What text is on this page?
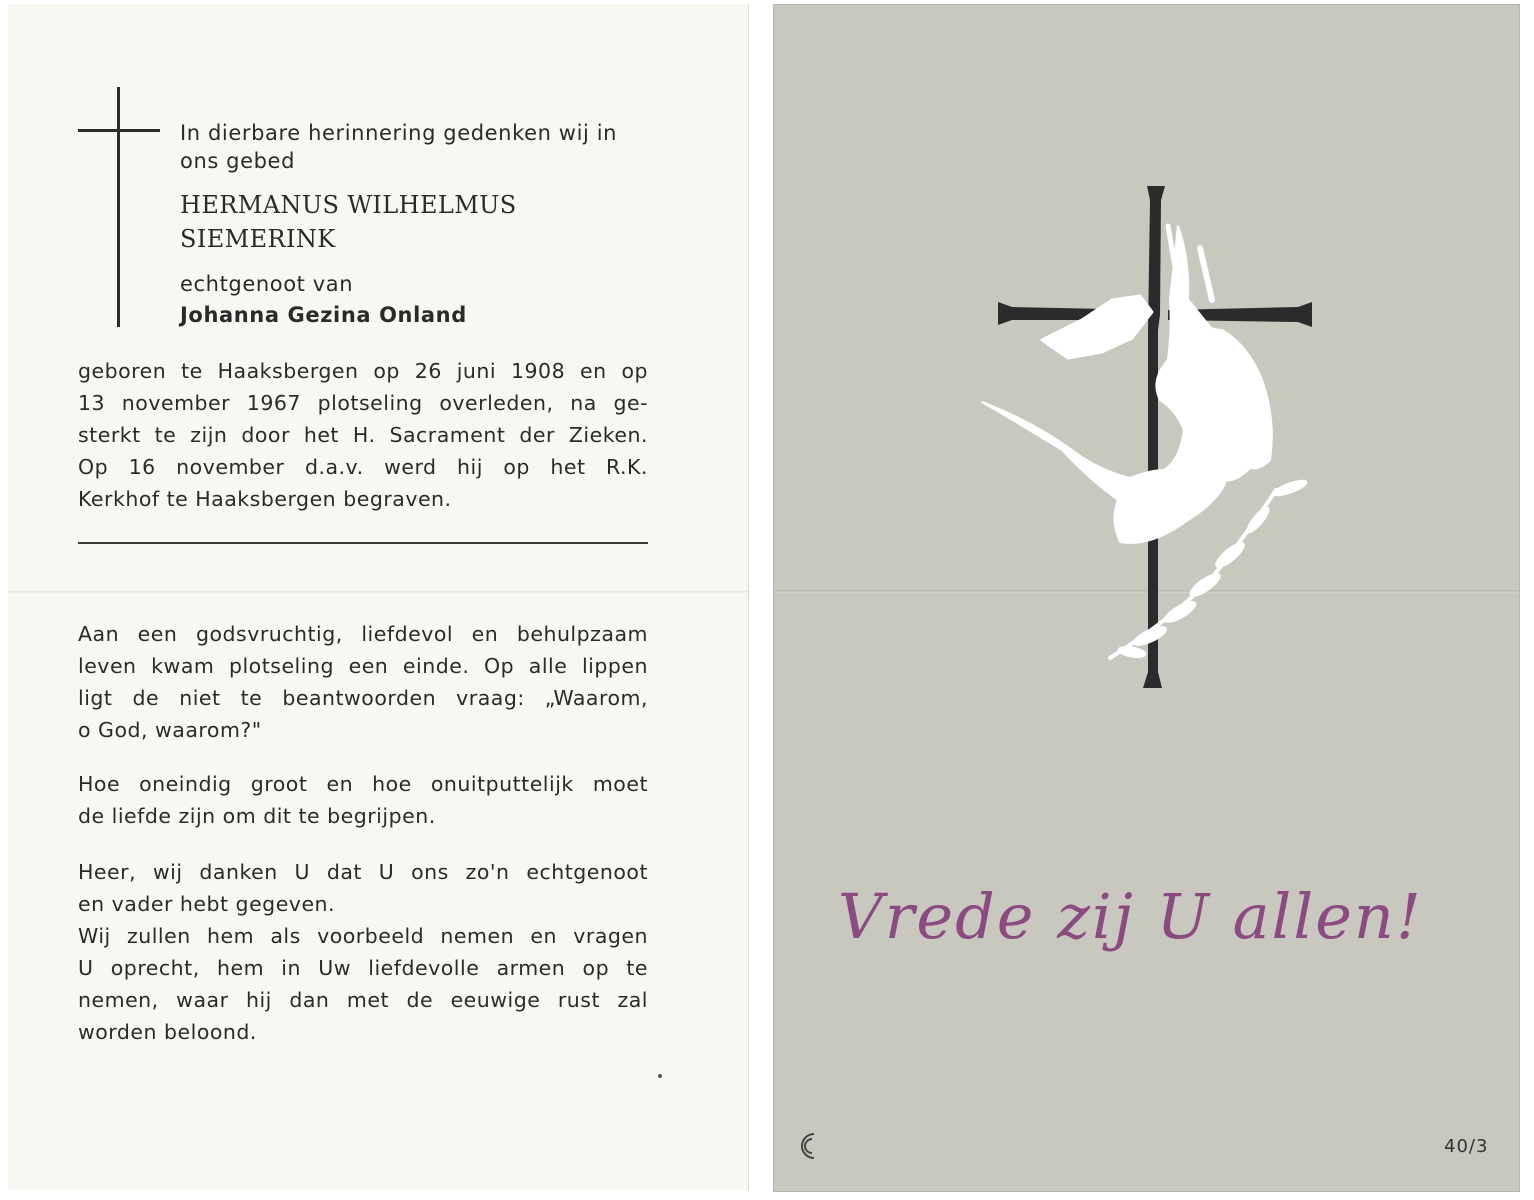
In dierbare herinnering gedenken wij in
ons gebed
HERMANUS WILHELMUS
SIEMERINK
echtgenoot van
Johanna Gezina Onland
geboren te Haaksbergen op 26 juni 1908 en op
13 november 1967 plotseling overleden, na ge-
sterkt te zijn door het H. Sacrament der Zieken.
Op 16 november d.a.v. werd hij op het R.K.
Kerkhof te Haaksbergen begraven.
Aan een godsvruchtig, liefdevol en behulpzaam
leven kwam plotseling een einde. Op alle lippen
ligt de niet te beantwoorden vraag: „Waarom,
o God, waarom?"
Hoe oneindig groot en hoe onuitputtelijk moet
de liefde zijn om dit te begrijpen.
Heer, wij danken U dat U ons zo'n echtgenoot
en vader hebt gegeven.
Wij zullen hem als voorbeeld nemen en vragen
U oprecht, hem in Uw liefdevolle armen op te
nemen, waar hij dan met de eeuwige rust zal
worden beloond.
Vrede zij U allen!
40/3
